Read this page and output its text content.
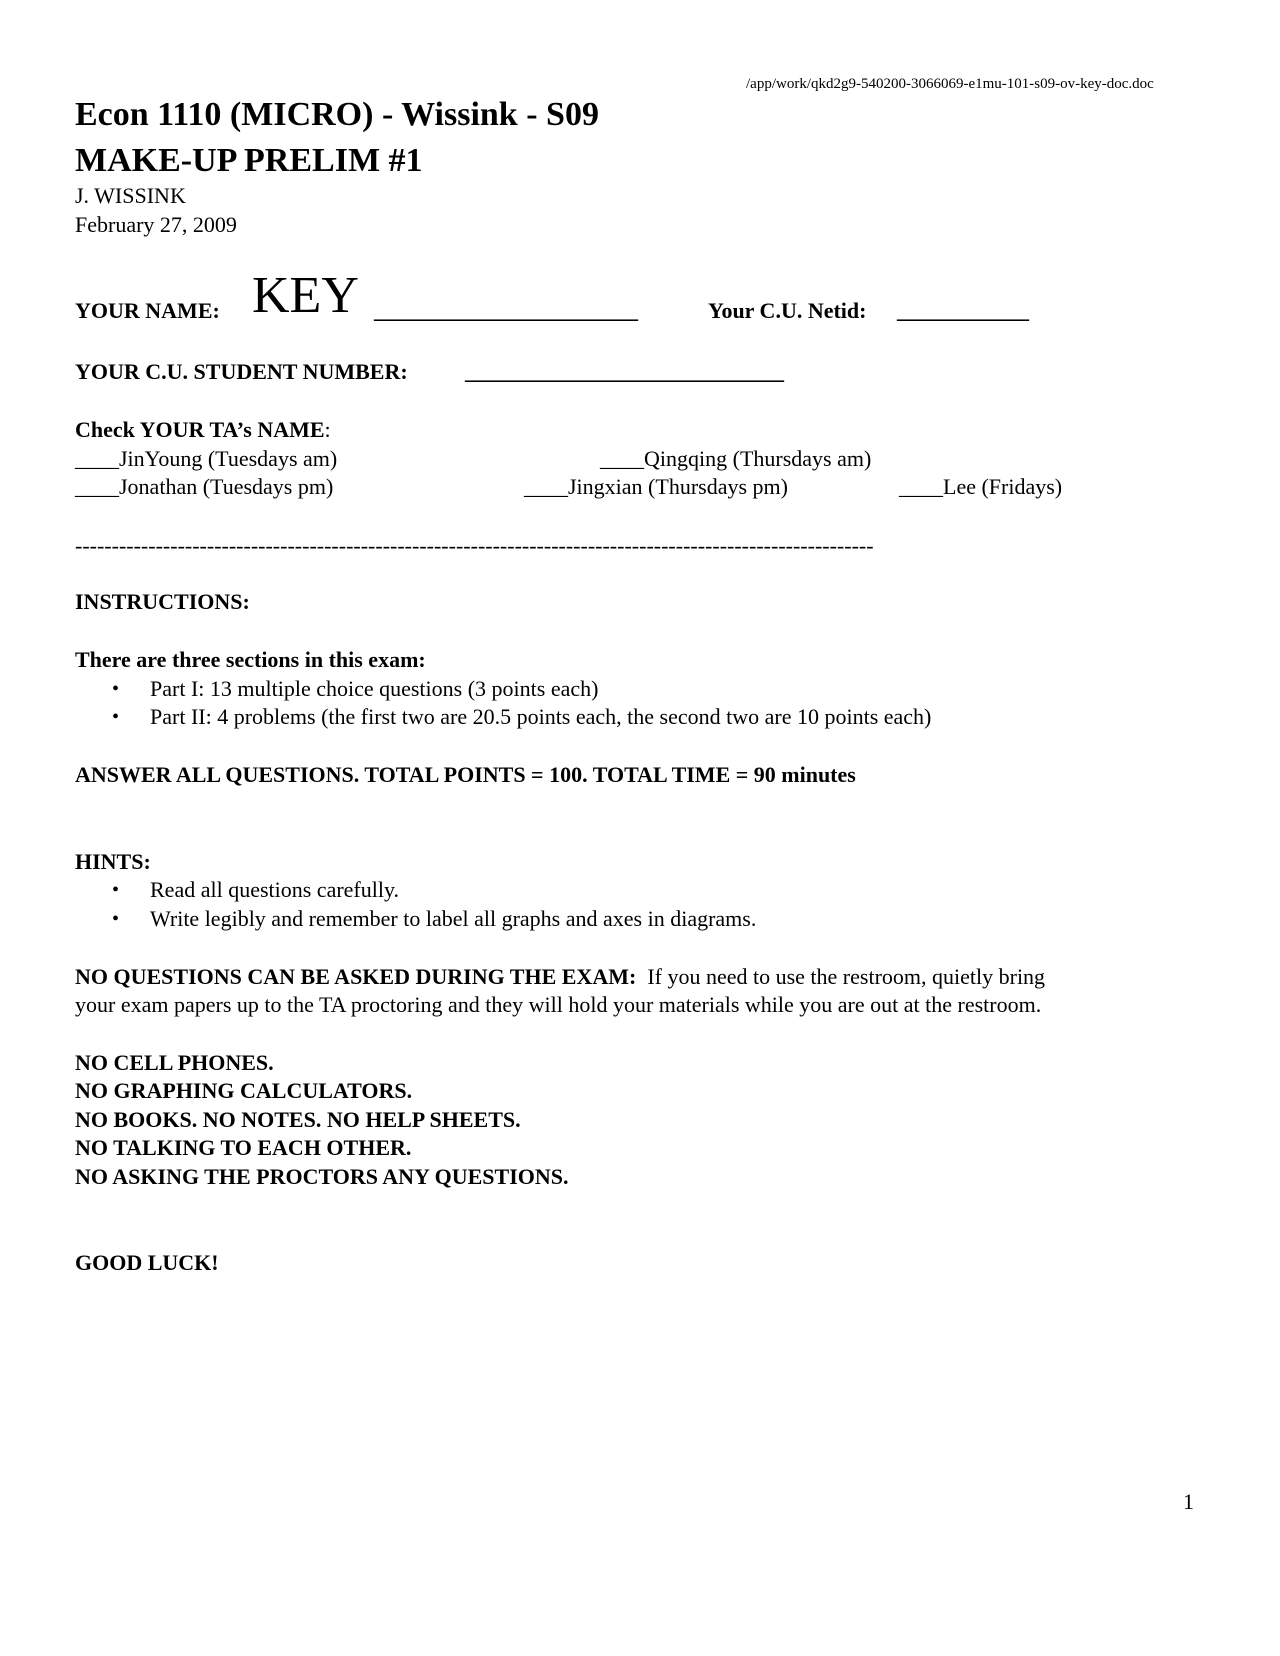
/app/work/qkd2g9-540200-3066069-e1mu-101-s09-ov-key-doc.doc
Econ 1110 (MICRO) - Wissink - S09
MAKE-UP PRELIM #1
J. WISSINK
February 27, 2009
YOUR NAME: KEY ________________________	Your C.U. Netid: ____________
YOUR C.U. STUDENT NUMBER:	_____________________________
Check YOUR TA’s NAME:
____JinYoung (Tuesdays am)	____Qingqing (Thursdays am)
____Jonathan (Tuesdays pm)	____Jingxian (Thursdays pm)	____Lee (Fridays)
-------------------------------------------------------------------------------------------------------------
INSTRUCTIONS:
There are three sections in this exam:
• Part I: 13 multiple choice questions (3 points each)
• Part II: 4 problems (the first two are 20.5 points each, the second two are 10 points each)
ANSWER ALL QUESTIONS. TOTAL POINTS = 100. TOTAL TIME = 90 minutes
HINTS:
• Read all questions carefully.
• Write legibly and remember to label all graphs and axes in diagrams.
NO QUESTIONS CAN BE ASKED DURING THE EXAM: If you need to use the restroom, quietly bring
your exam papers up to the TA proctoring and they will hold your materials while you are out at the restroom.
NO CELL PHONES.
NO GRAPHING CALCULATORS.
NO BOOKS. NO NOTES. NO HELP SHEETS.
NO TALKING TO EACH OTHER.
NO ASKING THE PROCTORS ANY QUESTIONS.
GOOD LUCK!
1
